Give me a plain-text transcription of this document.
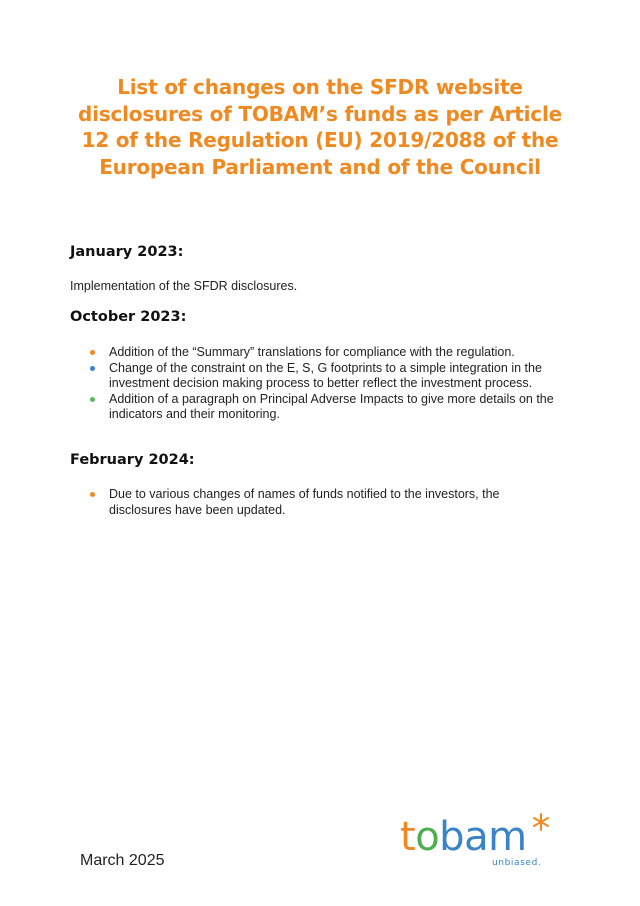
List of changes on the SFDR website
disclosures of TOBAM’s funds as per Article
12 of the Regulation (EU) 2019/2088 of the
European Parliament and of the Council
January 2023:

Implementation of the SFDR disclosures.

October 2023:
Addition of the “Summary” translations for compliance with the regulation.
Change of the constraint on the E, S, G footprints to a simple integration in the investment decision making process to better reflect the investment process.
Addition of a paragraph on Principal Adverse Impacts to give more details on the indicators and their monitoring.
February 2024:
Due to various changes of names of funds notified to the investors, the disclosures have been updated.
March 2025
tobam
unbiased.
